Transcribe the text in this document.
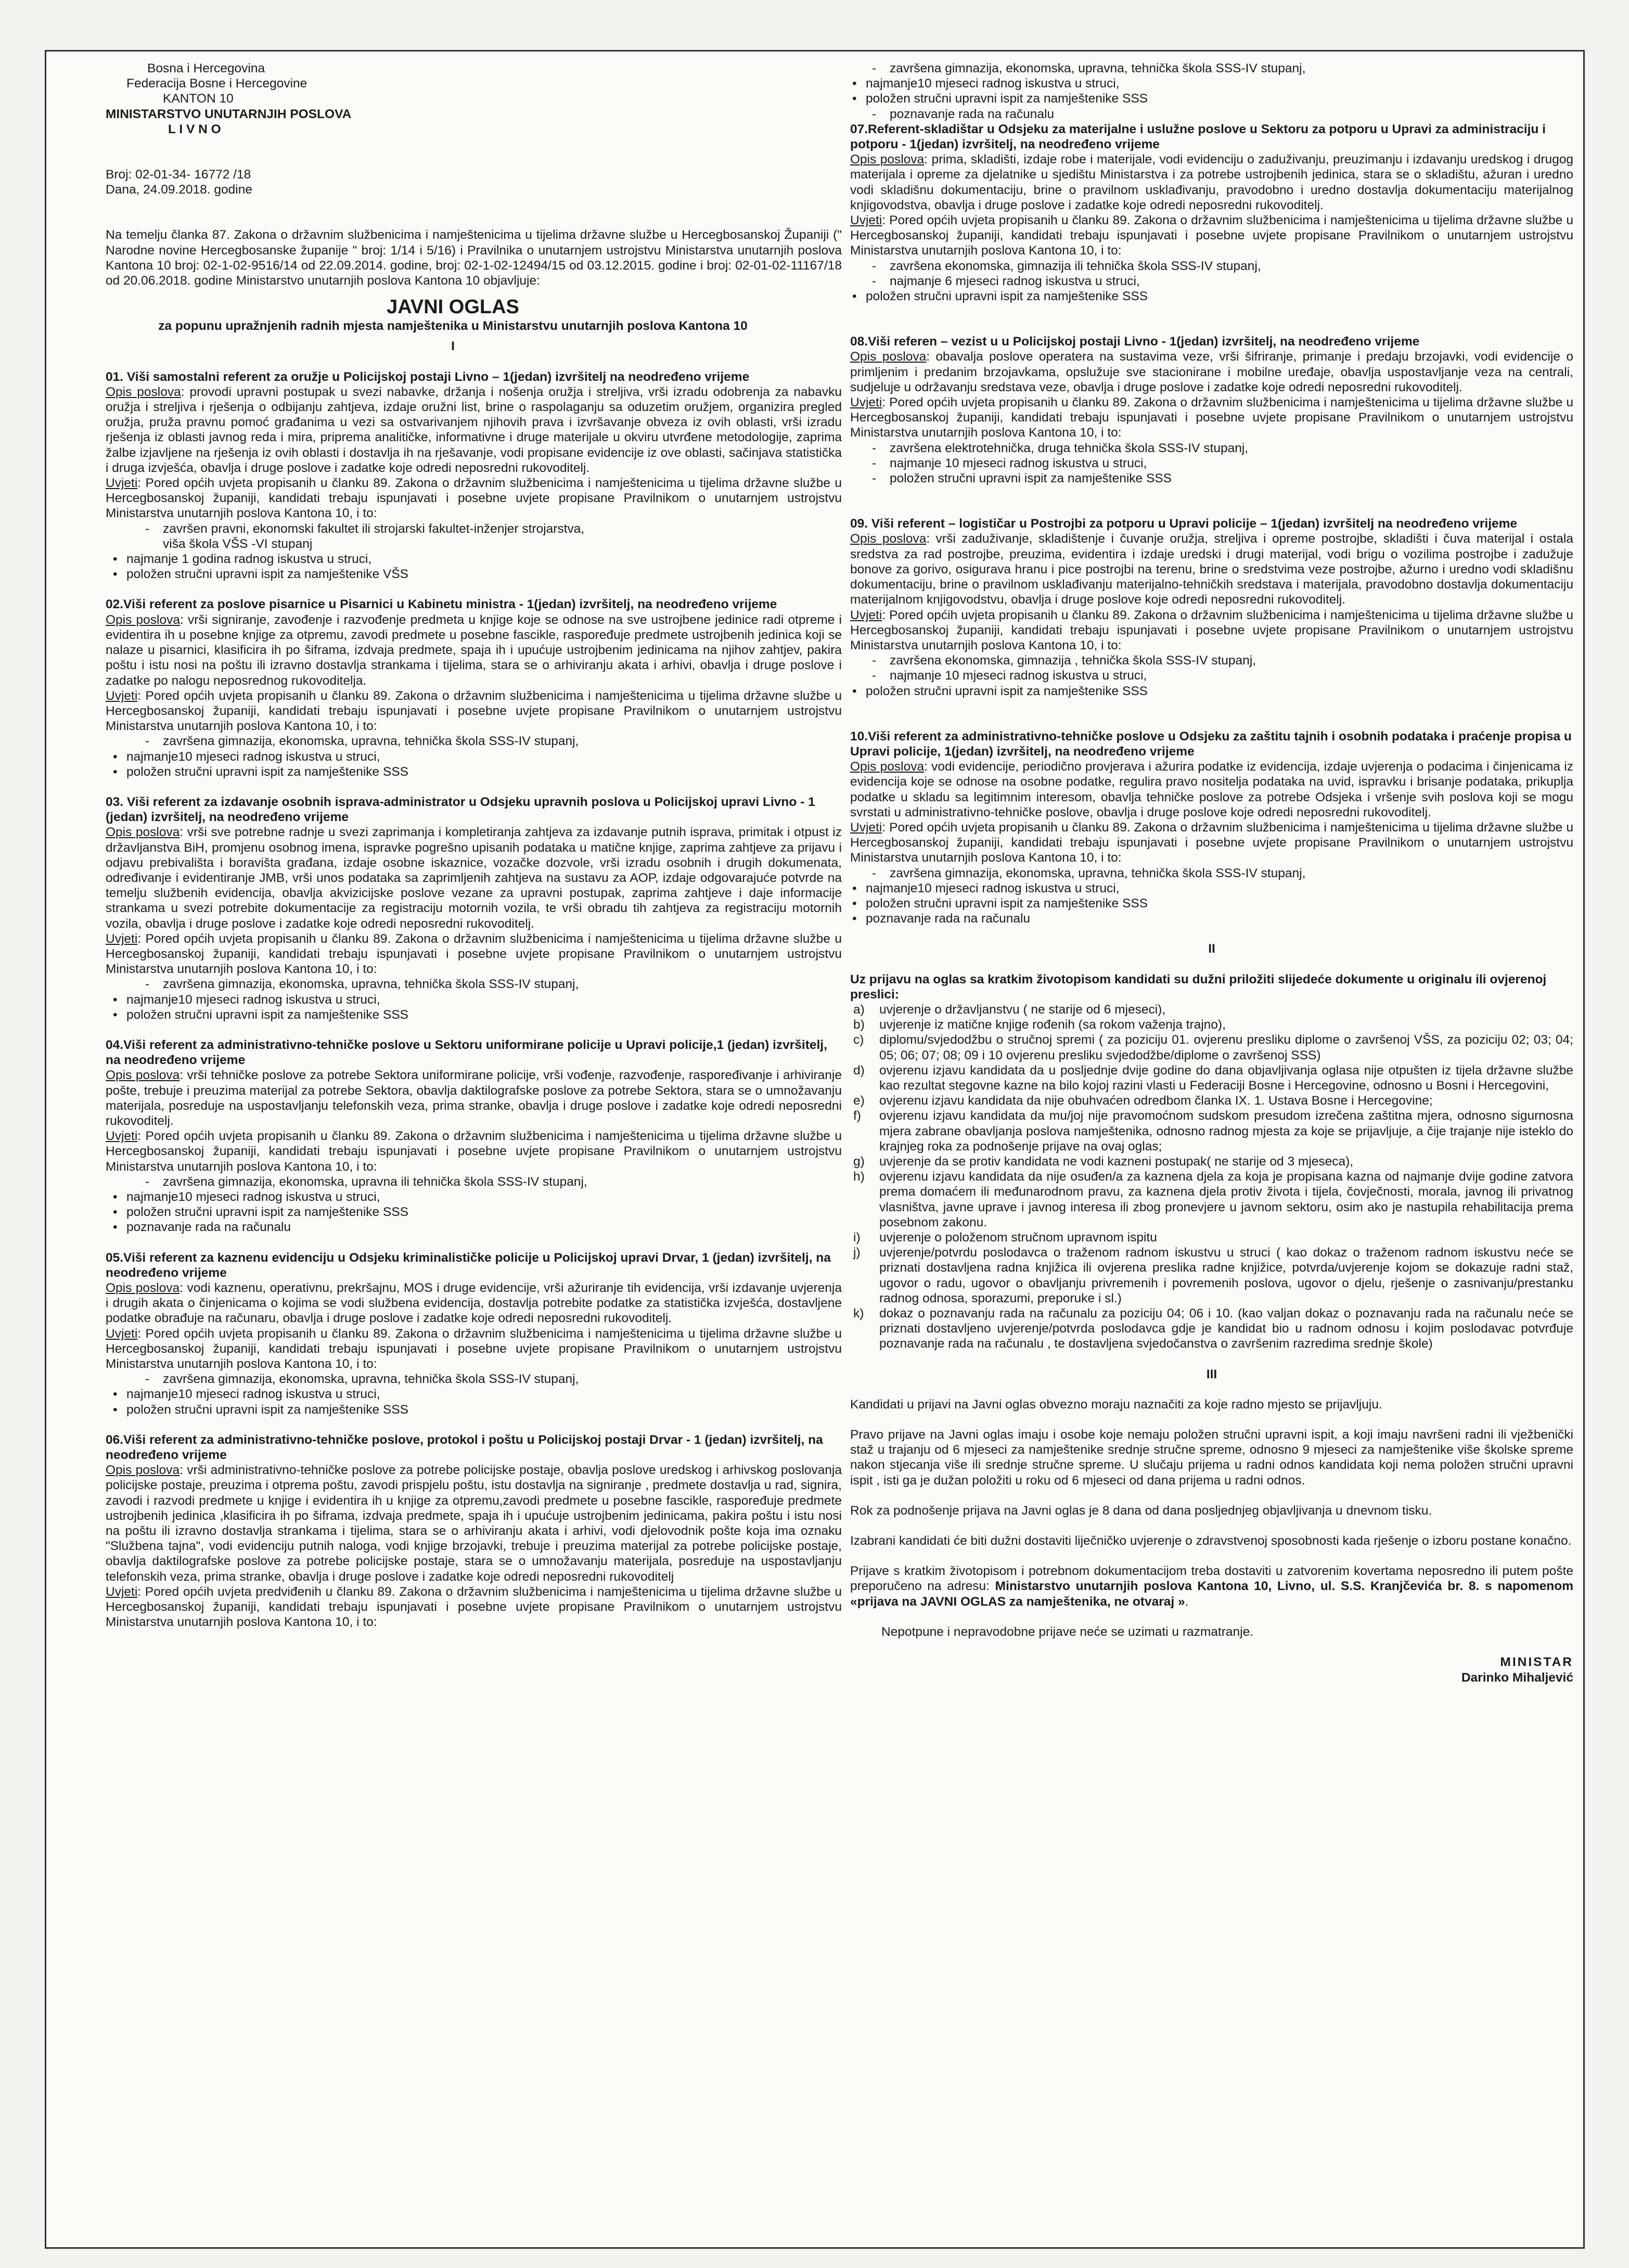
Bosna i Hercegovina
Federacija Bosne i Hercegovine
KANTON 10
MINISTARSTVO UNUTARNJIH POSLOVA
L I V N O
Broj: 02-01-34- 16772 /18
Dana, 24.09.2018. godine
Na temelju članka 87. Zakona o državnim službenicima i namještenicima u tijelima državne službe u Hercegbosanskoj Županiji (" Narodne novine Hercegbosanske županije " broj: 1/14 i 5/16) i Pravilnika o unutarnjem ustrojstvu Ministarstva unutarnjih poslova Kantona 10 broj: 02-1-02-9516/14 od 22.09.2014. godine, broj: 02-1-02-12494/15 od 03.12.2015. godine i broj: 02-01-02-11167/18 od 20.06.2018. godine Ministarstvo unutarnjih poslova Kantona 10 objavljuje:
JAVNI OGLAS
za popunu upražnjenih radnih mjesta namještenika u Ministarstvu unutarnjih poslova Kantona 10
I
01. Viši samostalni referent za oružje u Policijskoj postaji Livno – 1(jedan) izvršitelj na neodređeno vrijeme
Opis poslova: provodi upravni postupak u svezi nabavke, držanja i nošenja oružja i streljiva, vrši izradu odobrenja za nabavku oružja i streljiva i rješenja o odbijanju zahtjeva, izdaje oružni list, brine o raspolaganju sa oduzetim oružjem, organizira pregled oružja, pruža pravnu pomoć građanima u vezi sa ostvarivanjem njihovih prava i izvršavanje obveza iz ovih oblasti, vrši izradu rješenja iz oblasti javnog reda i mira, priprema analitičke, informativne i druge materijale u okviru utvrđene metodologije, zaprima žalbe izjavljene na rješenja iz ovih oblasti i dostavlja ih na rješavanje, vodi propisane evidencije iz ove oblasti, sačinjava statistička i druga izvješća, obavlja i druge poslove i zadatke koje odredi neposredni rukovoditelj.
Uvjeti: Pored općih uvjeta propisanih u članku 89. Zakona o državnim službenicima i namještenicima u tijelima državne službe u Hercegbosanskoj županiji, kandidati trebaju ispunjavati i posebne uvjete propisane Pravilnikom o unutarnjem ustrojstvu Ministarstva unutarnjih poslova Kantona 10, i to:
- završen pravni, ekonomski fakultet ili strojarski fakultet-inženjer strojarstva,
viša škola VŠS -VI stupanj
• najmanje 1 godina radnog iskustva u struci,
• položen stručni upravni ispit za namještenike VŠS
02.Viši referent za poslove pisarnice u Pisarnici u Kabinetu ministra - 1(jedan) izvršitelj, na neodređeno vrijeme
Opis poslova: vrši signiranje, zavođenje i razvođenje predmeta u knjige koje se odnose na sve ustrojbene jedinice radi otpreme i evidentira ih u posebne knjige za otpremu, zavodi predmete u posebne fascikle, raspoređuje predmete ustrojbenih jedinica koji se nalaze u pisarnici, klasificira ih po šiframa, izdvaja predmete, spaja ih i upućuje ustrojbenim jedinicama na njihov zahtjev, pakira poštu i istu nosi na poštu ili izravno dostavlja strankama i tijelima, stara se o arhiviranju akata i arhivi, obavlja i druge poslove i zadatke po nalogu neposrednog rukovoditelja.
Uvjeti: Pored općih uvjeta propisanih u članku 89. Zakona o državnim službenicima i namještenicima u tijelima državne službe u Hercegbosanskoj županiji, kandidati trebaju ispunjavati i posebne uvjete propisane Pravilnikom o unutarnjem ustrojstvu Ministarstva unutarnjih poslova Kantona 10, i to:
- završena gimnazija, ekonomska, upravna, tehnička škola SSS-IV stupanj,
• najmanje10 mjeseci radnog iskustva u struci,
• položen stručni upravni ispit za namještenike SSS
03. Viši referent za izdavanje osobnih isprava-administrator u Odsjeku upravnih poslova u Policijskoj upravi Livno - 1 (jedan) izvršitelj, na neodređeno vrijeme
Opis poslova: vrši sve potrebne radnje u svezi zaprimanja i kompletiranja zahtjeva za izdavanje putnih isprava, primitak i otpust iz državljanstva BiH, promjenu osobnog imena, ispravke pogrešno upisanih podataka u matične knjige, zaprima zahtjeve za prijavu i odjavu prebivališta i boravišta građana, izdaje osobne iskaznice, vozačke dozvole, vrši izradu osobnih i drugih dokumenata, određivanje i evidentiranje JMB, vrši unos podataka sa zaprimljenih zahtjeva na sustavu za AOP, izdaje odgovarajuće potvrde na temelju službenih evidencija, obavlja akvizicijske poslove vezane za upravni postupak, zaprima zahtjeve i daje informacije strankama u svezi potrebite dokumentacije za registraciju motornih vozila, te vrši obradu tih zahtjeva za registraciju motornih vozila, obavlja i druge poslove i zadatke koje odredi neposredni rukovoditelj.
Uvjeti: Pored općih uvjeta propisanih u članku 89. Zakona o državnim službenicima i namještenicima u tijelima državne službe u Hercegbosanskoj županiji, kandidati trebaju ispunjavati i posebne uvjete propisane Pravilnikom o unutarnjem ustrojstvu Ministarstva unutarnjih poslova Kantona 10, i to:
- završena gimnazija, ekonomska, upravna, tehnička škola SSS-IV stupanj,
• najmanje10 mjeseci radnog iskustva u struci,
• položen stručni upravni ispit za namještenike SSS
04.Viši referent za administrativno-tehničke poslove u Sektoru uniformirane policije u Upravi policije,1 (jedan) izvršitelj, na neodređeno vrijeme
Opis poslova: vrši tehničke poslove za potrebe Sektora uniformirane policije, vrši vođenje, razvođenje, raspoređivanje i arhiviranje pošte, trebuje i preuzima materijal za potrebe Sektora, obavlja daktilografske poslove za potrebe Sektora, stara se o umnožavanju materijala, posreduje na uspostavljanju telefonskih veza, prima stranke, obavlja i druge poslove i zadatke koje odredi neposredni rukovoditelj.
Uvjeti: Pored općih uvjeta propisanih u članku 89. Zakona o državnim službenicima i namještenicima u tijelima državne službe u Hercegbosanskoj županiji, kandidati trebaju ispunjavati i posebne uvjete propisane Pravilnikom o unutarnjem ustrojstvu Ministarstva unutarnjih poslova Kantona 10, i to:
- završena gimnazija, ekonomska, upravna ili tehnička škola SSS-IV stupanj,
• najmanje10 mjeseci radnog iskustva u struci,
• položen stručni upravni ispit za namještenike SSS
• poznavanje rada na računalu
05.Viši referent za kaznenu evidenciju u Odsjeku kriminalističke policije u Policijskoj upravi Drvar, 1 (jedan) izvršitelj, na neodređeno vrijeme
Opis poslova: vodi kaznenu, operativnu, prekršajnu, MOS i druge evidencije, vrši ažuriranje tih evidencija, vrši izdavanje uvjerenja i drugih akata o činjenicama o kojima se vodi službena evidencija, dostavlja potrebite podatke za statistička izvješća, dostavljene podatke obrađuje na računaru, obavlja i druge poslove i zadatke koje odredi neposredni rukovoditelj.
Uvjeti: Pored općih uvjeta propisanih u članku 89. Zakona o državnim službenicima i namještenicima u tijelima državne službe u Hercegbosanskoj županiji, kandidati trebaju ispunjavati i posebne uvjete propisane Pravilnikom o unutarnjem ustrojstvu Ministarstva unutarnjih poslova Kantona 10, i to:
- završena gimnazija, ekonomska, upravna, tehnička škola SSS-IV stupanj,
• najmanje10 mjeseci radnog iskustva u struci,
• položen stručni upravni ispit za namještenike SSS
06.Viši referent za administrativno-tehničke poslove, protokol i poštu u Policijskoj postaji Drvar - 1 (jedan) izvršitelj, na neodređeno vrijeme
Opis poslova: vrši administrativno-tehničke poslove za potrebe policijske postaje, obavlja poslove uredskog i arhivskog poslovanja policijske postaje, preuzima i otprema poštu, zavodi prispjelu poštu, istu dostavlja na signiranje , predmete dostavlja u rad, signira, zavodi i razvodi predmete u knjige i evidentira ih u knjige za otpremu,zavodi predmete u posebne fascikle, raspoređuje predmete ustrojbenih jedinica ,klasificira ih po šiframa, izdvaja predmete, spaja ih i upućuje ustrojbenim jedinicama, pakira poštu i istu nosi na poštu ili izravno dostavlja strankama i tijelima, stara se o arhiviranju akata i arhivi, vodi djelovodnik pošte koja ima oznaku "Službena tajna", vodi evidenciju putnih naloga, vodi knjige brzojavki, trebuje i preuzima materijal za potrebe policijske postaje, obavlja daktilografske poslove za potrebe policijske postaje, stara se o umnožavanju materijala, posreduje na uspostavljanju telefonskih veza, prima stranke, obavlja i druge poslove i zadatke koje odredi neposredni rukovoditelj
Uvjeti: Pored općih uvjeta predviđenih u članku 89. Zakona o državnim službenicima i namještenicima u tijelima državne službe u Hercegbosanskoj županiji, kandidati trebaju ispunjavati i posebne uvjete propisane Pravilnikom o unutarnjem ustrojstvu Ministarstva unutarnjih poslova Kantona 10, i to:
- završena gimnazija, ekonomska, upravna, tehnička škola SSS-IV stupanj,
• najmanje10 mjeseci radnog iskustva u struci,
• položen stručni upravni ispit za namještenike SSS
- poznavanje rada na računalu
07.Referent-skladištar u Odsjeku za materijalne i uslužne poslove u Sektoru za potporu u Upravi za administraciju i potporu - 1(jedan) izvršitelj, na neodređeno vrijeme
Opis poslova: prima, skladišti, izdaje robe i materijale, vodi evidenciju o zaduživanju, preuzimanju i izdavanju uredskog i drugog materijala i opreme za djelatnike u sjedištu Ministarstva i za potrebe ustrojbenih jedinica, stara se o skladištu, ažuran i uredno vodi skladišnu dokumentaciju, brine o pravilnom usklađivanju, pravodobno i uredno dostavlja dokumentaciju materijalnog knjigovodstva, obavlja i druge poslove i zadatke koje odredi neposredni rukovoditelj.
Uvjeti: Pored općih uvjeta propisanih u članku 89. Zakona o državnim službenicima i namještenicima u tijelima državne službe u Hercegbosanskoj županiji, kandidati trebaju ispunjavati i posebne uvjete propisane Pravilnikom o unutarnjem ustrojstvu Ministarstva unutarnjih poslova Kantona 10, i to:
- završena ekonomska, gimnazija ili tehnička škola SSS-IV stupanj,
- najmanje 6 mjeseci radnog iskustva u struci,
• položen stručni upravni ispit za namještenike SSS
08.Viši referen – vezist u u Policijskoj postaji Livno - 1(jedan) izvršitelj, na neodređeno vrijeme
Opis poslova: obavalja poslove operatera na sustavima veze, vrši šifriranje, primanje i predaju brzojavki, vodi evidencije o primljenim i predanim brzojavkama, opslužuje sve stacionirane i mobilne uređaje, obavlja uspostavljanje veza na centrali, sudjeluje u održavanju sredstava veze, obavlja i druge poslove i zadatke koje odredi neposredni rukovoditelj.
Uvjeti: Pored općih uvjeta propisanih u članku 89. Zakona o državnim službenicima i namještenicima u tijelima državne službe u Hercegbosanskoj županiji, kandidati trebaju ispunjavati i posebne uvjete propisane Pravilnikom o unutarnjem ustrojstvu Ministarstva unutarnjih poslova Kantona 10, i to:
- završena elektrotehnička, druga tehnička škola SSS-IV stupanj,
- najmanje 10 mjeseci radnog iskustva u struci,
- položen stručni upravni ispit za namještenike SSS
09. Viši referent – logističar u Postrojbi za potporu u Upravi policije – 1(jedan) izvršitelj na neodređeno vrijeme
Opis poslova: vrši zaduživanje, skladištenje i čuvanje oružja, streljiva i opreme postrojbe, skladišti i čuva materijal i ostala sredstva za rad postrojbe, preuzima, evidentira i izdaje uredski i drugi materijal, vodi brigu o vozilima postrojbe i zadužuje bonove za gorivo, osigurava hranu i pice postrojbi na terenu, brine o sredstvima veze postrojbe, ažurno i uredno vodi skladišnu dokumentaciju, brine o pravilnom usklađivanju materijalno-tehničkih sredstava i materijala, pravodobno dostavlja dokumentaciju materijalnom knjigovodstvu, obavlja i druge poslove koje odredi neposredni rukovoditelj.
Uvjeti: Pored općih uvjeta propisanih u članku 89. Zakona o državnim službenicima i namještenicima u tijelima državne službe u Hercegbosanskoj županiji, kandidati trebaju ispunjavati i posebne uvjete propisane Pravilnikom o unutarnjem ustrojstvu Ministarstva unutarnjih poslova Kantona 10, i to:
- završena ekonomska, gimnazija , tehnička škola SSS-IV stupanj,
- najmanje 10 mjeseci radnog iskustva u struci,
• položen stručni upravni ispit za namještenike SSS
10.Viši referent za administrativno-tehničke poslove u Odsjeku za zaštitu tajnih i osobnih podataka i praćenje propisa u Upravi policije, 1(jedan) izvršitelj, na neodređeno vrijeme
Opis poslova: vodi evidencije, periodično provjerava i ažurira podatke iz evidencija, izdaje uvjerenja o podacima i činjenicama iz evidencija koje se odnose na osobne podatke, regulira pravo nositelja podataka na uvid, ispravku i brisanje podataka, prikuplja podatke u skladu sa legitimnim interesom, obavlja tehničke poslove za potrebe Odsjeka i vršenje svih poslova koji se mogu svrstati u administrativno-tehničke poslove, obavlja i druge poslove koje odredi neposredni rukovoditelj.
Uvjeti: Pored općih uvjeta propisanih u članku 89. Zakona o državnim službenicima i namještenicima u tijelima državne službe u Hercegbosanskoj županiji, kandidati trebaju ispunjavati i posebne uvjete propisane Pravilnikom o unutarnjem ustrojstvu Ministarstva unutarnjih poslova Kantona 10, i to:
- završena gimnazija, ekonomska, upravna, tehnička škola SSS-IV stupanj,
• najmanje10 mjeseci radnog iskustva u struci,
• položen stručni upravni ispit za namještenike SSS
• poznavanje rada na računalu
II
Uz prijavu na oglas sa kratkim životopisom kandidati su dužni priložiti slijedeće dokumente u originalu ili ovjerenoj preslici:
a) uvjerenje o državljanstvu ( ne starije od 6 mjeseci),
b) uvjerenje iz matične knjige rođenih (sa rokom važenja trajno),
c) diplomu/svjedodžbu o stručnoj spremi ( za poziciju 01. ovjerenu presliku diplome o završenoj VŠS, za poziciju 02; 03; 04; 05; 06; 07; 08; 09 i 10 ovjerenu presliku svjedodžbe/diplome o završenoj SSS)
d) ovjerenu izjavu kandidata da u posljednje dvije godine do dana objavljivanja oglasa nije otpušten iz tijela državne službe kao rezultat stegovne kazne na bilo kojoj razini vlasti u Federaciji Bosne i Hercegovine, odnosno u Bosni i Hercegovini,
e) ovjerenu izjavu kandidata da nije obuhvaćen odredbom članka IX. 1. Ustava Bosne i Hercegovine;
f) ovjerenu izjavu kandidata da mu/joj nije pravomoćnom sudskom presudom izrečena zaštitna mjera, odnosno sigurnosna mjera zabrane obavljanja poslova namještenika, odnosno radnog mjesta za koje se prijavljuje, a čije trajanje nije isteklo do krajnjeg roka za podnošenje prijave na ovaj oglas;
g) uvjerenje da se protiv kandidata ne vodi kazneni postupak( ne starije od 3 mjeseca),
h) ovjerenu izjavu kandidata da nije osuđen/a za kaznena djela za koja je propisana kazna od najmanje dvije godine zatvora prema domaćem ili međunarodnom pravu, za kaznena djela protiv života i tijela, čovječnosti, morala, javnog ili privatnog vlasništva, javne uprave i javnog interesa ili zbog pronevjere u javnom sektoru, osim ako je nastupila rehabilitacija prema posebnom zakonu.
i) uvjerenje o položenom stručnom upravnom ispitu
j) uvjerenje/potvrdu poslodavca o traženom radnom iskustvu u struci ( kao dokaz o traženom radnom iskustvu neće se priznati dostavljena radna knjižica ili ovjerena preslika radne knjižice, potvrda/uvjerenje kojom se dokazuje radni staž, ugovor o radu, ugovor o obavljanju privremenih i povremenih poslova, ugovor o djelu, rješenje o zasnivanju/prestanku radnog odnosa, sporazumi, preporuke i sl.)
k) dokaz o poznavanju rada na računalu za poziciju 04; 06 i 10. (kao valjan dokaz o poznavanju rada na računalu neće se priznati dostavljeno uvjerenje/potvrda poslodavca gdje je kandidat bio u radnom odnosu i kojim poslodavac potvrđuje poznavanje rada na računalu , te dostavljena svjedočanstva o završenim razredima srednje škole)
III
Kandidati u prijavi na Javni oglas obvezno moraju naznačiti za koje radno mjesto se prijavljuju.
Pravo prijave na Javni oglas imaju i osobe koje nemaju položen stručni upravni ispit, a koji imaju navršeni radni ili vježbenički staž u trajanju od 6 mjeseci za namještenike srednje stručne spreme, odnosno 9 mjeseci za namještenike više školske spreme nakon stjecanja više ili srednje stručne spreme. U slučaju prijema u radni odnos kandidata koji nema položen stručni upravni ispit , isti ga je dužan položiti u roku od 6 mjeseci od dana prijema u radni odnos.
Rok za podnošenje prijava na Javni oglas je 8 dana od dana posljednjeg objavljivanja u dnevnom tisku.
Izabrani kandidati će biti dužni dostaviti liječničko uvjerenje o zdravstvenoj sposobnosti kada rješenje o izboru postane konačno.
Prijave s kratkim životopisom i potrebnom dokumentacijom treba dostaviti u zatvorenim kovertama neposredno ili putem pošte preporučeno na adresu: Ministarstvo unutarnjih poslova Kantona 10, Livno, ul. S.S. Kranjčevića br. 8. s napomenom «prijava na JAVNI OGLAS za namještenika, ne otvaraj ».
Nepotpune i nepravodobne prijave neće se uzimati u razmatranje.
MINISTAR
Darinko Mihaljević
